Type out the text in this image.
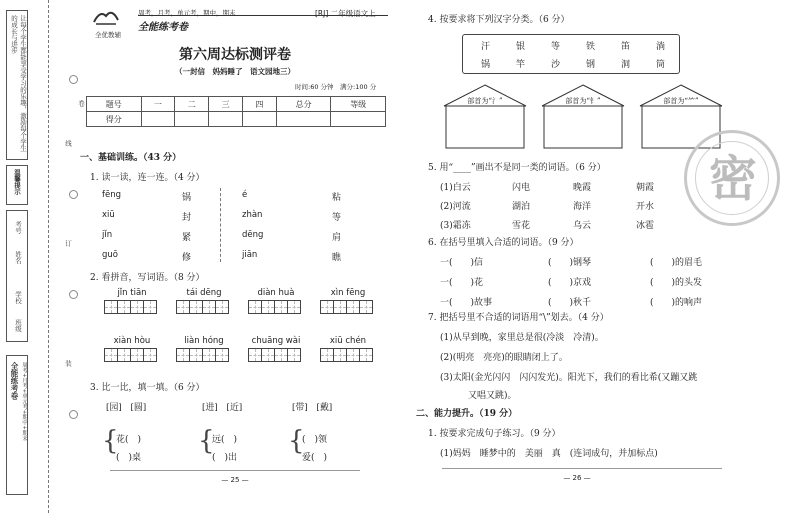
让每个学生都能享受学习的乐趣，激励每个学生的成长与进步
温馨提示
考号
姓名
学校
班级
全能练考卷 周考+月考+单元考+期中+期末
线
订
装
全优教辅
周考，月考，单元考，期中，期末
全能练考卷
[RJ] 二年级语文上
第六周达标测评卷
（一封信　妈妈睡了　语文园地三）
时间:60 分钟　满分:100 分
卷	题号	一	二	三	四	总分	等级
得分						
一、基础训练。（43 分）
1. 读一读，连一连。（4 分）
fēng
xiū
jǐn
guō
锅
封
紧
修
é
zhàn
dēng
jiān
粘
等
肩
瞧
2. 看拼音，写词语。（8 分）
jǐn tiān	tái dēng	diàn huà	xìn fēng
xiàn hòu	liàn hóng	chuāng wài	xiū chén
3. 比一比，填一填。（6 分）
[园] [圆]	[进] [近]	[带] [戴]
{
花(　)
(　)桌
{
远(　)
(　)出
{
(　)领
爱(　)
— 25 —
4. 按要求将下列汉字分类。（6 分）
汗	银	等	铁	笛	淌
锅	竿	沙	钢	洞	筒
部首为“氵”	部首为“钅”	部首为“⺮”
密
5. 用“____”画出不是同一类的词语。（6 分）
(1)白云	闪电	晚霞	朝霞
(2)河流	湖泊	海洋	开水
(3)霜冻	雪花	乌云	冰雹
6. 在括号里填入合适的词语。（9 分）
一(　　)信	(　　)钢琴	(　　)的眉毛
一(　　)花	(　　)京戏	(　　)的头发
一(　　)故事	(　　)秋千	(　　)的响声
7. 把括号里不合适的词语用“\”划去。（4 分）
(1)从早到晚，家里总是很(冷淡　冷清)。
(2)(明亮　亮亮)的眼睛闭上了。
(3)太阳(金光闪闪　闪闪发光)。阳光下，我们的看比希(又蹦又跳
又唱又跳)。
二、能力提升。（19 分）
1. 按要求完成句子练习。（9 分）
(1)妈妈　睡梦中的　美丽　真　(连词成句，并加标点)
— 26 —
